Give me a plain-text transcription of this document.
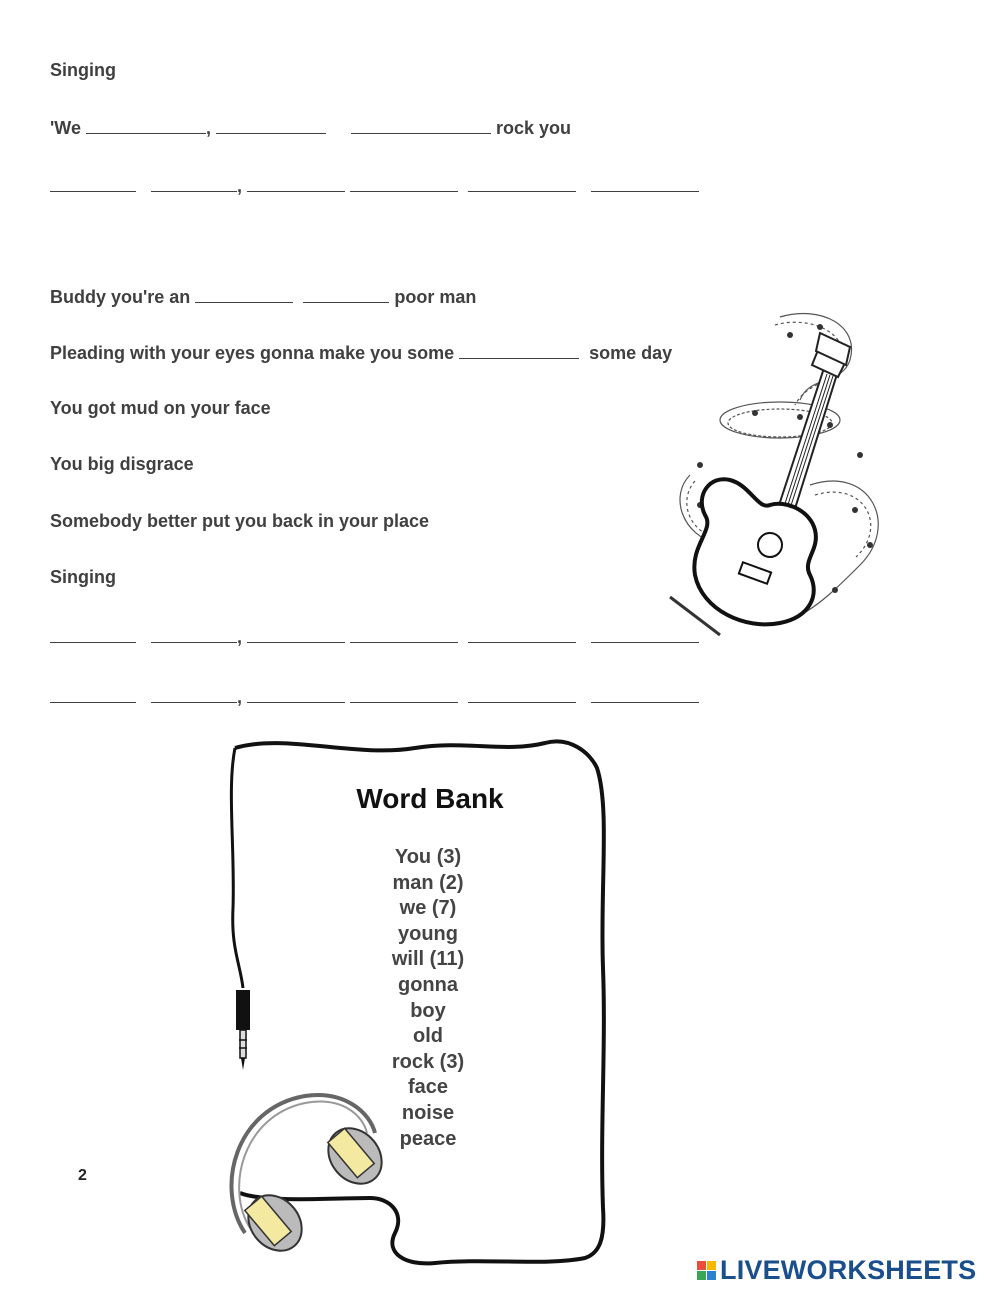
Singing
'We	,	rock you
,
Buddy you're an	poor man
Pleading with your eyes gonna make you some	some day
You got mud on your face
You big disgrace
Somebody better put you back in your place
Singing
,
,
Word Bank
You (3)
man (2)
we (7)
young
will (11)
gonna
boy
old
rock (3)
face
noise
peace
2
LIVEWORKSHEETS
